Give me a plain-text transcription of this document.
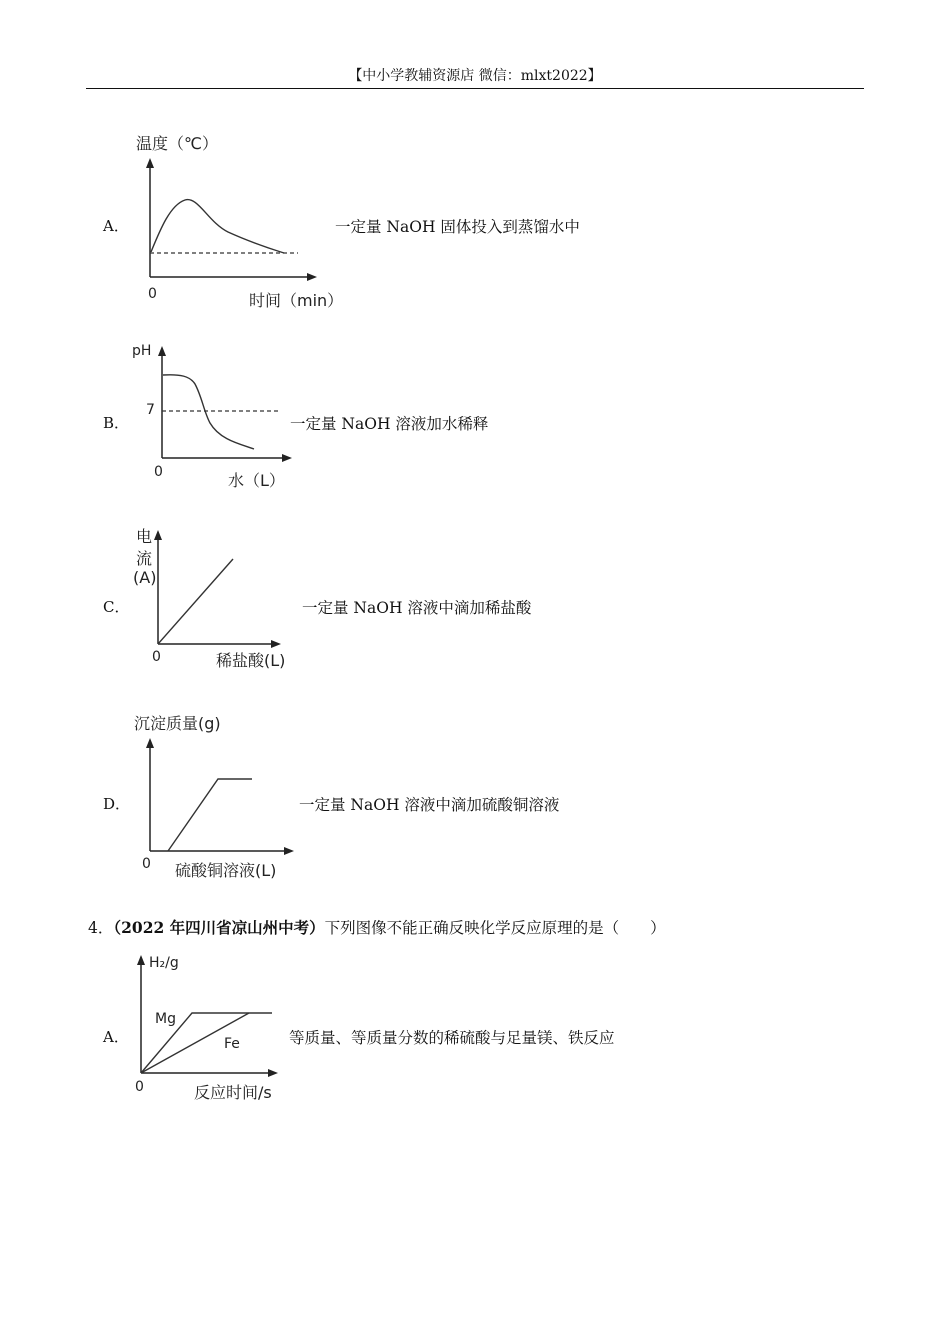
【中小学教辅资源店 微信：mlxt2022】
A．
温度（℃）
0	时间（min）
一定量 NaOH 固体投入到蒸馏水中
B．
pH
7
0	水（L）
一定量 NaOH 溶液加水稀释
C．
电
流
(A)
0	稀盐酸(L)
一定量 NaOH 溶液中滴加稀盐酸
D．
沉淀质量(g)
0 硫酸铜溶液(L)
一定量 NaOH 溶液中滴加硫酸铜溶液
4．（2022 年四川省凉山州中考）下列图像不能正确反映化学反应原理的是（　　）
A．
H₂/g
Mg
Fe
0	反应时间/s
等质量、等质量分数的稀硫酸与足量镁、铁反应
